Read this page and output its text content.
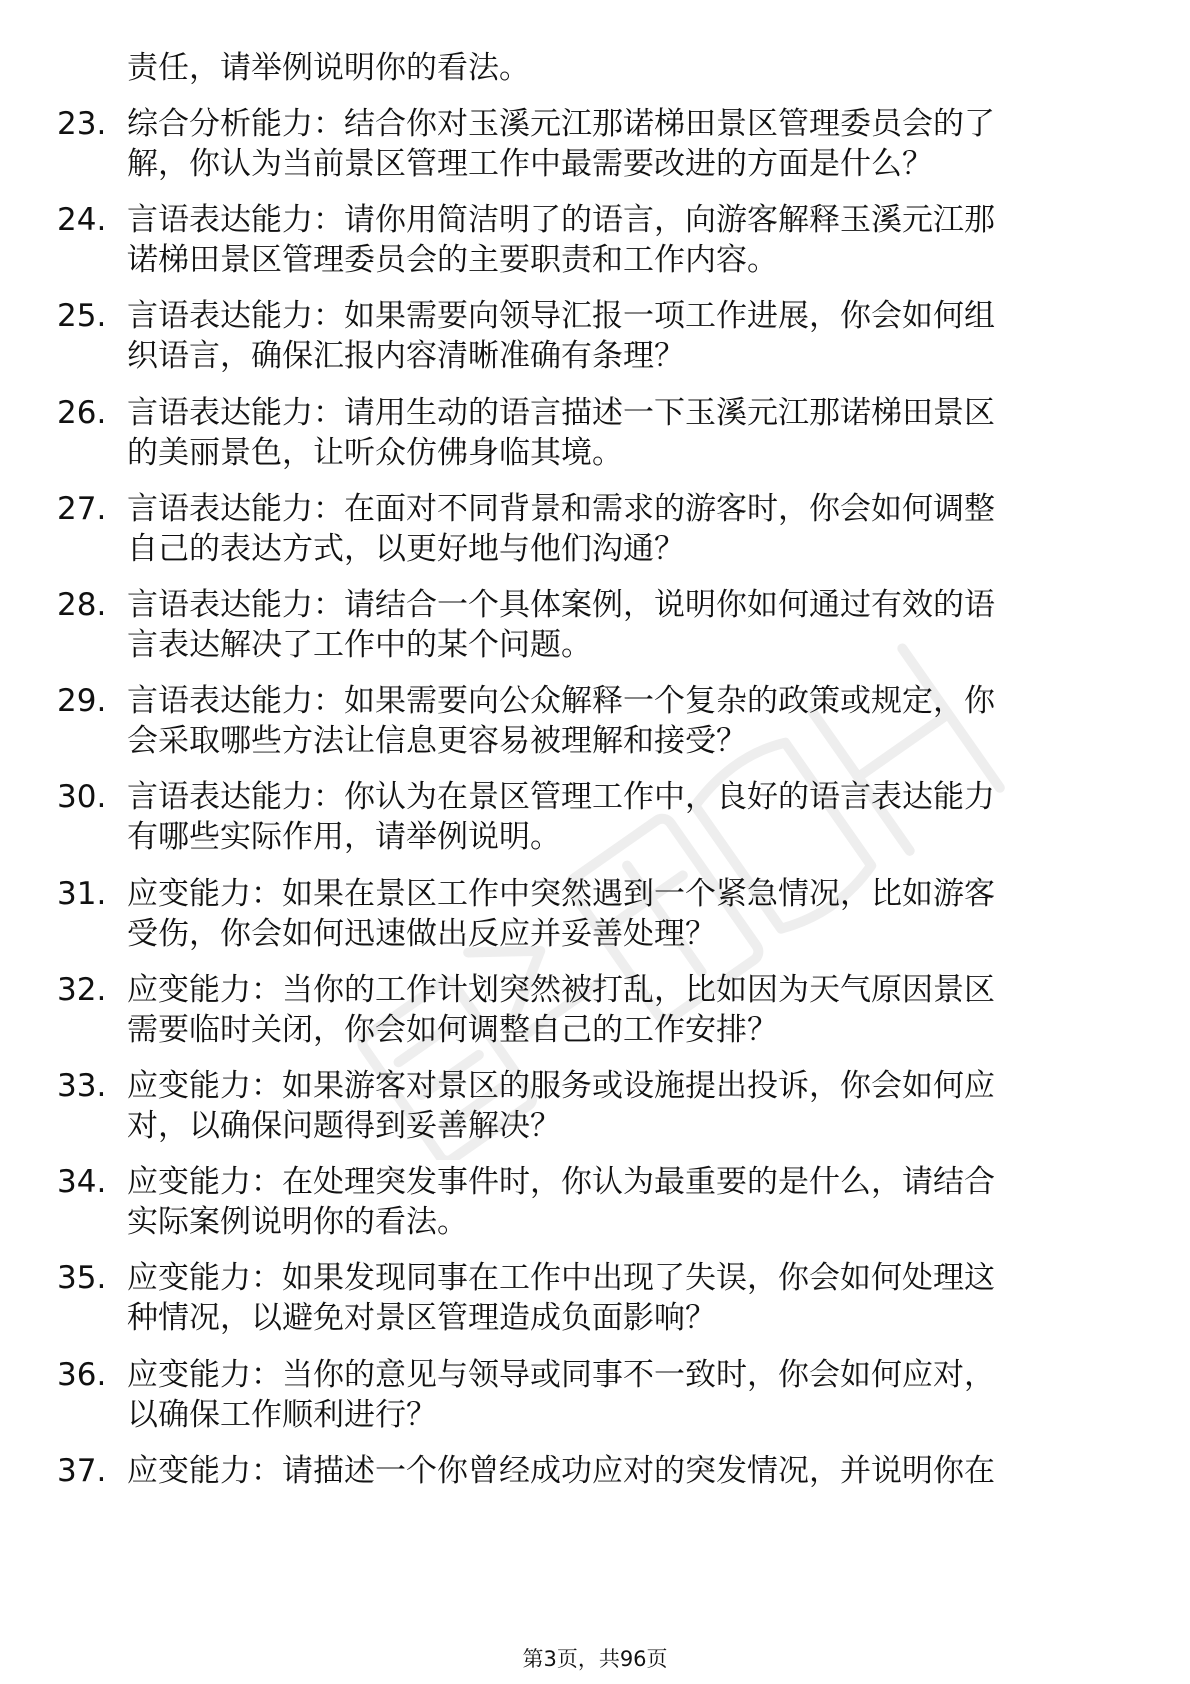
责任，请举例说明你的看法。
23. 综合分析能力：结合你对玉溪元江那诺梯田景区管理委员会的了
解，你认为当前景区管理工作中最需要改进的方面是什么？
24. 言语表达能力：请你用简洁明了的语言，向游客解释玉溪元江那
诺梯田景区管理委员会的主要职责和工作内容。
25. 言语表达能力：如果需要向领导汇报一项工作进展，你会如何组
织语言，确保汇报内容清晰准确有条理？
26. 言语表达能力：请用生动的语言描述一下玉溪元江那诺梯田景区
的美丽景色，让听众仿佛身临其境。
27. 言语表达能力：在面对不同背景和需求的游客时，你会如何调整
自己的表达方式，以更好地与他们沟通？
28. 言语表达能力：请结合一个具体案例，说明你如何通过有效的语
言表达解决了工作中的某个问题。
29. 言语表达能力：如果需要向公众解释一个复杂的政策或规定，你
会采取哪些方法让信息更容易被理解和接受？
30. 言语表达能力：你认为在景区管理工作中，良好的语言表达能力
有哪些实际作用，请举例说明。
31. 应变能力：如果在景区工作中突然遇到一个紧急情况，比如游客
受伤，你会如何迅速做出反应并妥善处理？
32. 应变能力：当你的工作计划突然被打乱，比如因为天气原因景区
需要临时关闭，你会如何调整自己的工作安排？
33. 应变能力：如果游客对景区的服务或设施提出投诉，你会如何应
对，以确保问题得到妥善解决？
34. 应变能力：在处理突发事件时，你认为最重要的是什么，请结合
实际案例说明你的看法。
35. 应变能力：如果发现同事在工作中出现了失误，你会如何处理这
种情况，以避免对景区管理造成负面影响？
36. 应变能力：当你的意见与领导或同事不一致时，你会如何应对，
以确保工作顺利进行？
37. 应变能力：请描述一个你曾经成功应对的突发情况，并说明你在
第3页，共96页
